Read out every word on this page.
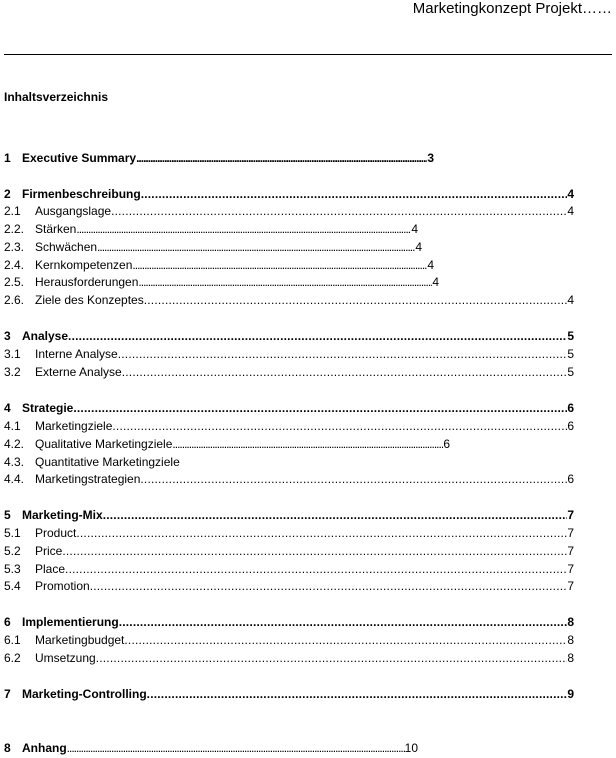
Marketingkonzept Projekt……
Inhaltsverzeichnis
1 Executive Summary .....	3
2 Firmenbeschreibung .....	4
2.1	Ausgangslage .....	4
2.2. Stärken .....	4
2.3. Schwächen .....	4
2.4. Kernkompetenzen .....	4
2.5. Herausforderungen .....	4
2.6. Ziele des Konzeptes .....	4
3 Analyse .....	5
3.1	Interne Analyse .....	5
3.2	Externe Analyse .....	5
4 Strategie .....	6
4.1	Marketingziele .....	6
4.2. Qualitative Marketingziele .....	6
4.3. Quantitative Marketingziele
4.4. Marketingstrategien .....	6
5 Marketing-Mix .....	7
5.1	Product .....	7
5.2	Price .....	7
5.3	Place .....	7
5.4	Promotion .....	7
6 Implementierung .....	8
6.1	Marketingbudget .....	8
6.2	Umsetzung .....	8
7 Marketing-Controlling .....	9
8 Anhang .....	10
